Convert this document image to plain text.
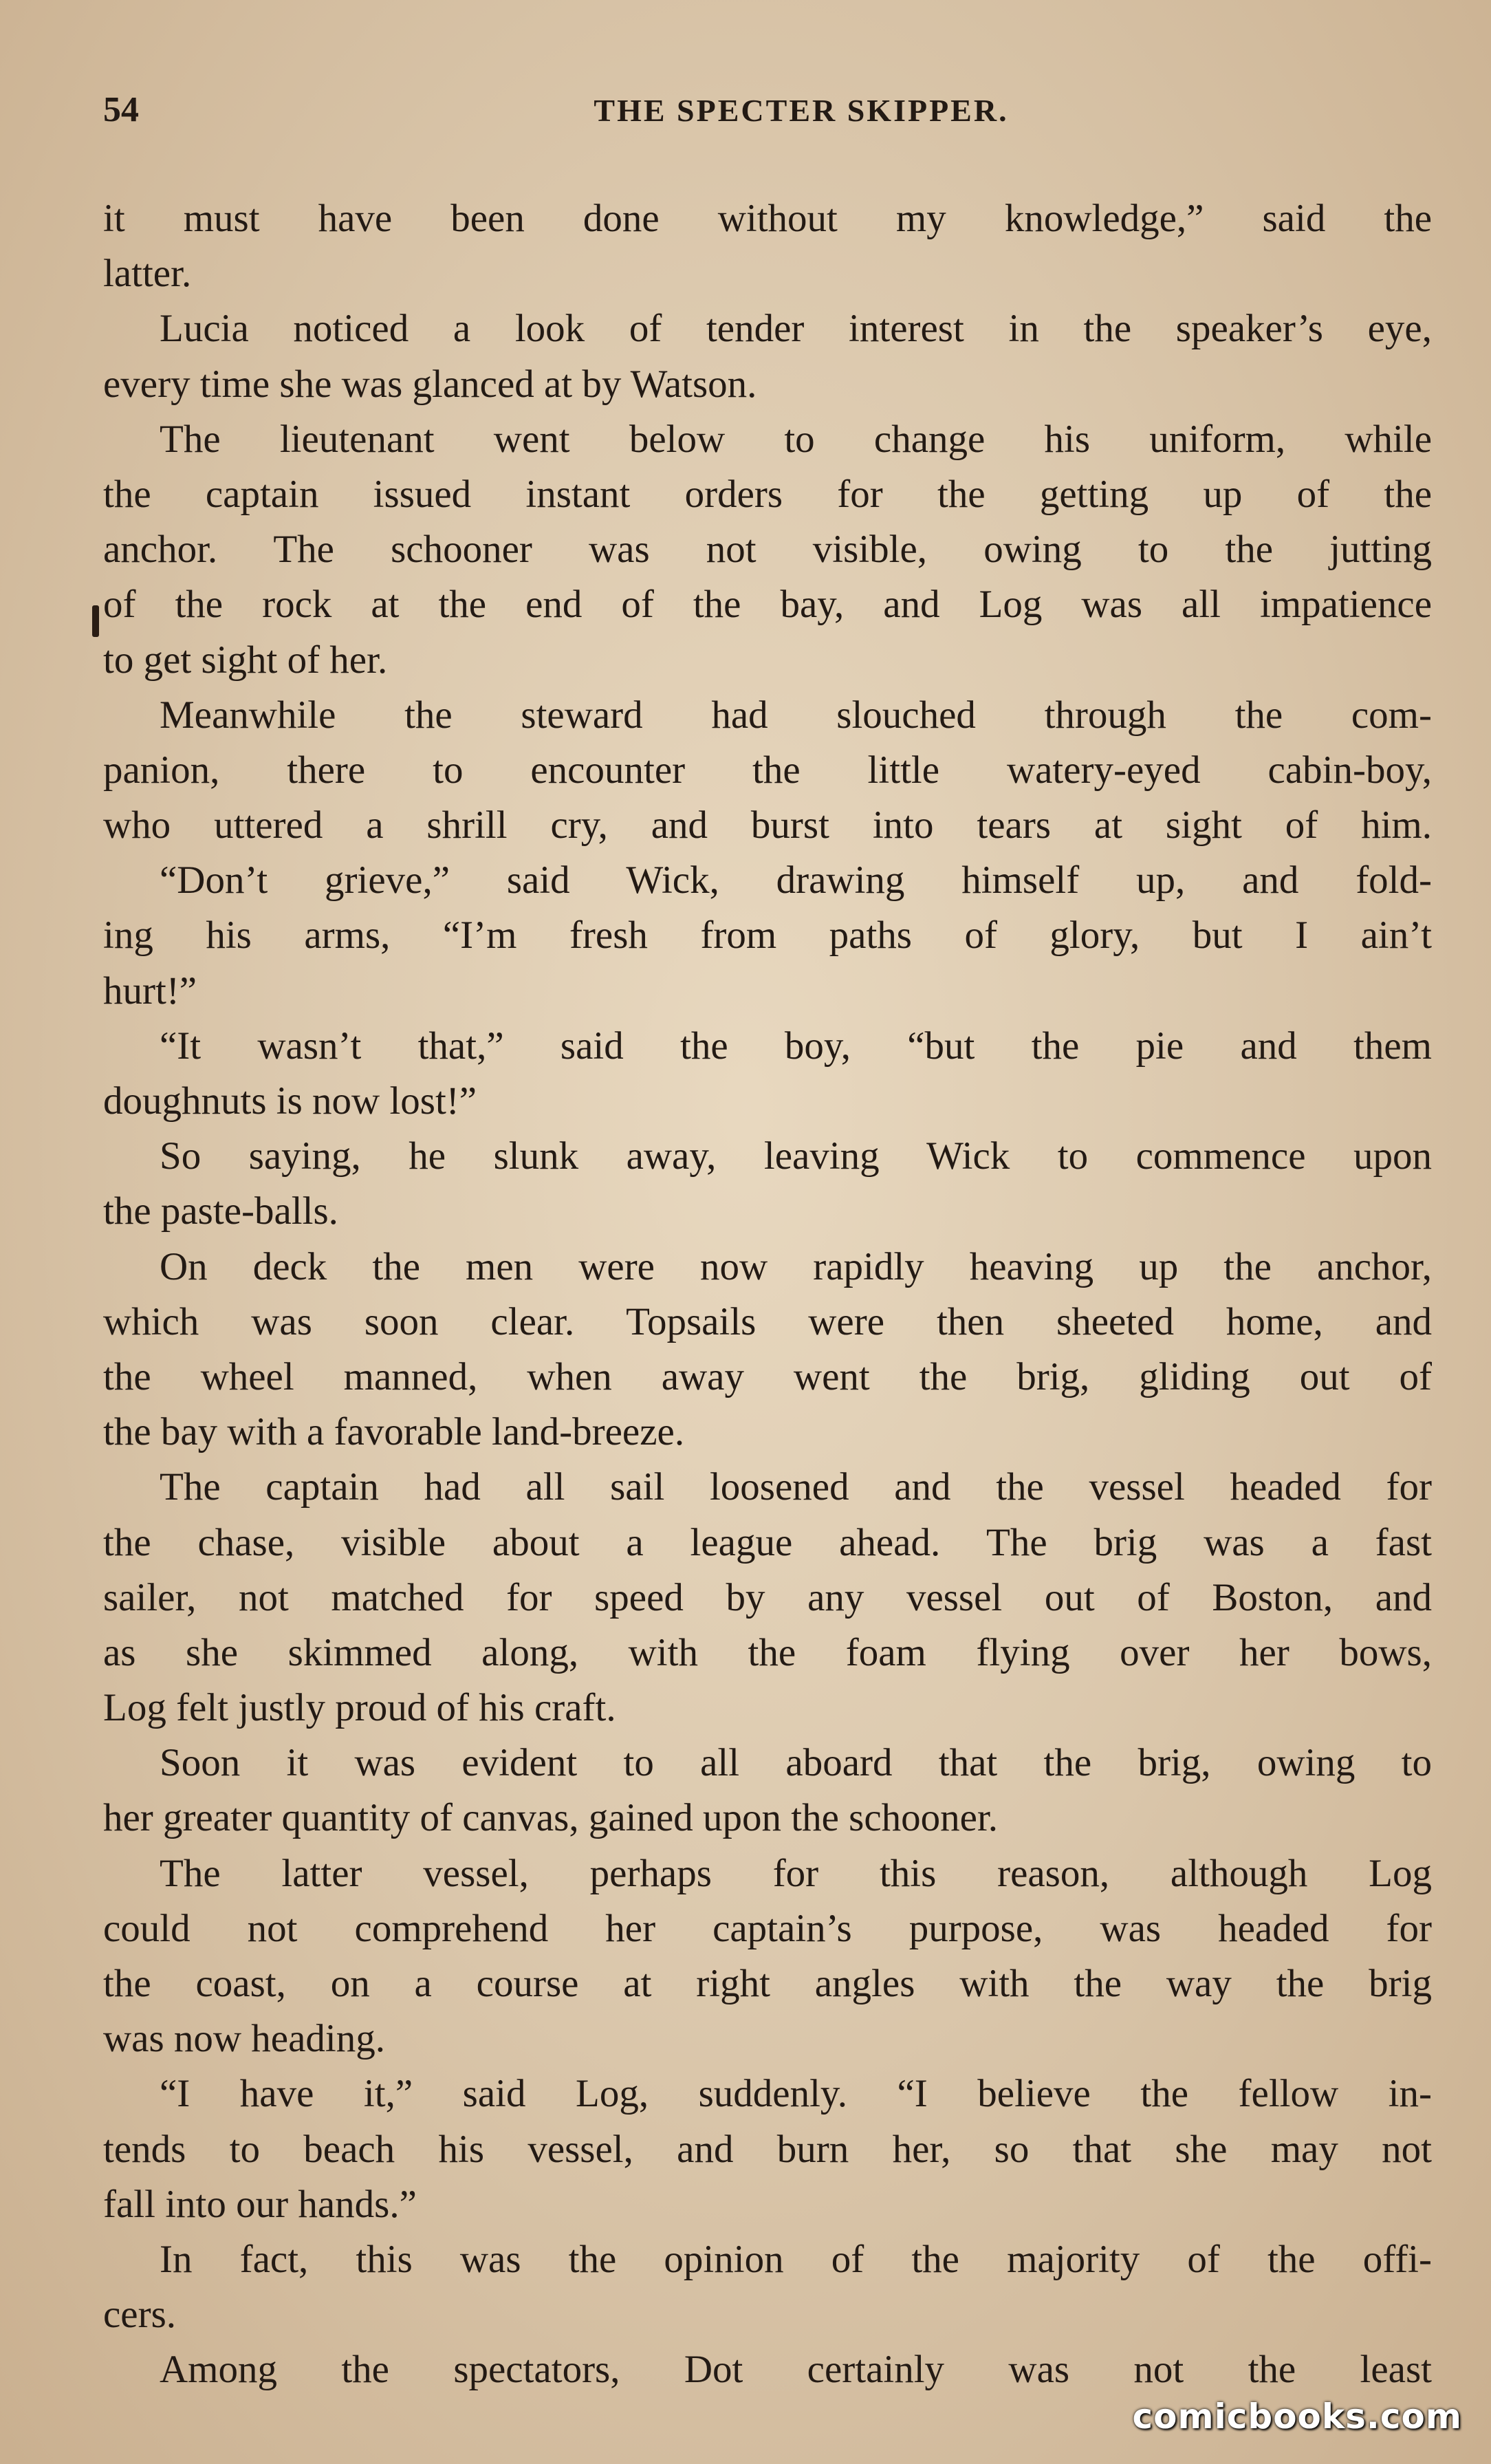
54	THE SPECTER SKIPPER.
it must have been done without my knowledge,” said the
latter.
Lucia noticed a look of tender interest in the speaker’s eye,
every time she was glanced at by Watson.
The lieutenant went below to change his uniform, while
the captain issued instant orders for the getting up of the
anchor. The schooner was not visible, owing to the jutting
of the rock at the end of the bay, and Log was all impatience
to get sight of her.
Meanwhile the steward had slouched through the com-
panion, there to encounter the little watery-eyed cabin-boy,
who uttered a shrill cry, and burst into tears at sight of him.
“Don’t grieve,” said Wick, drawing himself up, and fold-
ing his arms, “I’m fresh from paths of glory, but I ain’t
hurt!”
“It wasn’t that,” said the boy, “but the pie and them
doughnuts is now lost!”
So saying, he slunk away, leaving Wick to commence upon
the paste-balls.
On deck the men were now rapidly heaving up the anchor,
which was soon clear. Topsails were then sheeted home, and
the wheel manned, when away went the brig, gliding out of
the bay with a favorable land-breeze.
The captain had all sail loosened and the vessel headed for
the chase, visible about a league ahead. The brig was a fast
sailer, not matched for speed by any vessel out of Boston, and
as she skimmed along, with the foam flying over her bows,
Log felt justly proud of his craft.
Soon it was evident to all aboard that the brig, owing to
her greater quantity of canvas, gained upon the schooner.
The latter vessel, perhaps for this reason, although Log
could not comprehend her captain’s purpose, was headed for
the coast, on a course at right angles with the way the brig
was now heading.
“I have it,” said Log, suddenly. “I believe the fellow in-
tends to beach his vessel, and burn her, so that she may not
fall into our hands.”
In fact, this was the opinion of the majority of the offi-
cers.
Among the spectators, Dot certainly was not the least
comicbooks.com
